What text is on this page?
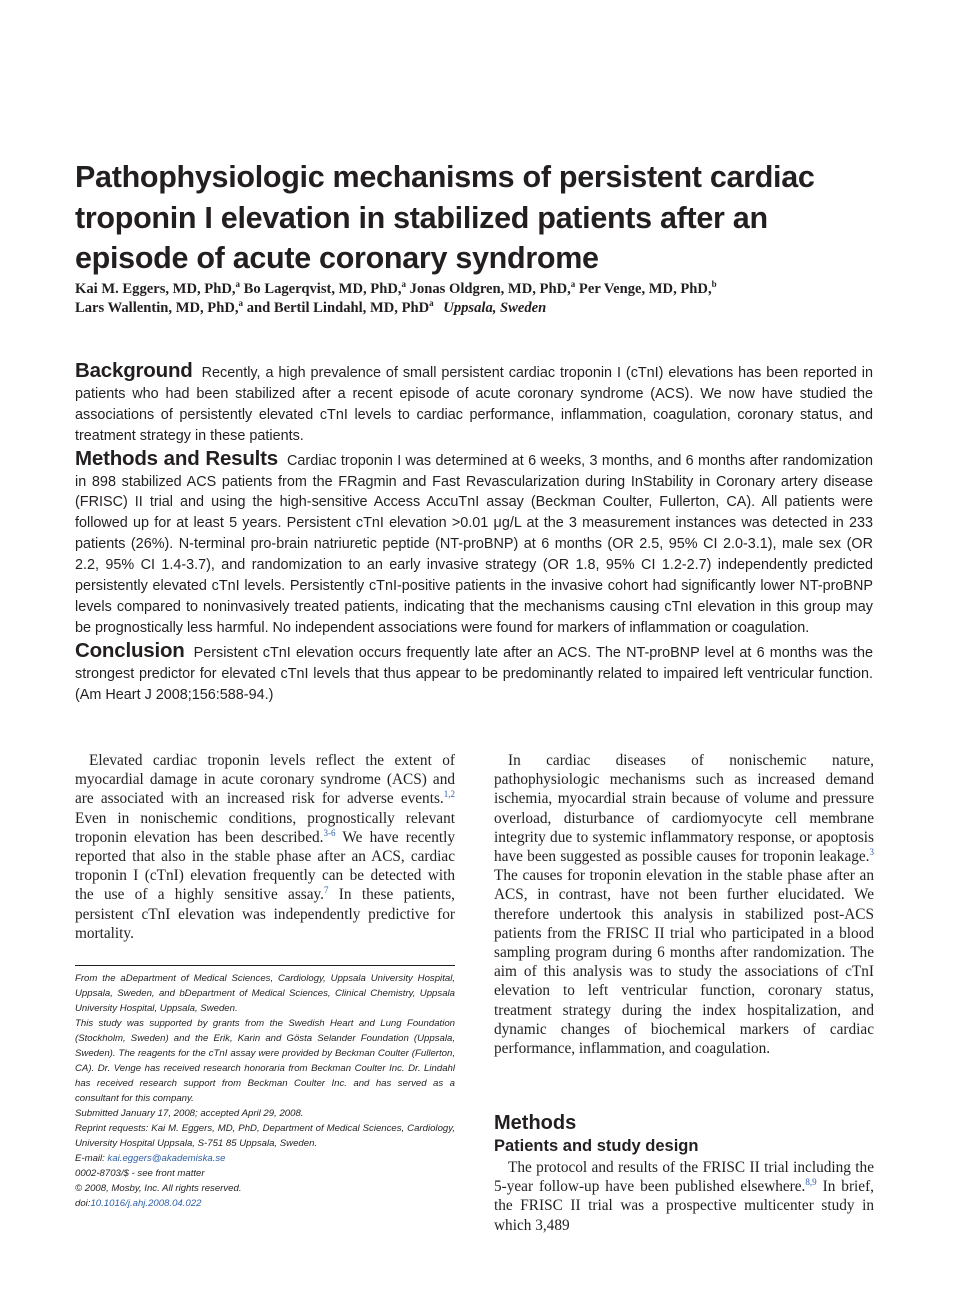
Pathophysiologic mechanisms of persistent cardiac troponin I elevation in stabilized patients after an episode of acute coronary syndrome

Kai M. Eggers, MD, PhD,$^a$ Bo Lagerqvist, MD, PhD,$^a$ Jonas Oldgren, MD, PhD,$^a$ Per Venge, MD, PhD,$^b$
Lars Wallentin, MD, PhD,$^a$ and Bertil Lindahl, MD, PhD$^a$ Uppsala, Sweden

Background Recently, a high prevalence of small persistent cardiac troponin I (cTnI) elevations has been reported in patients who had been stabilized after a recent episode of acute coronary syndrome (ACS). We now have studied the associations of persistently elevated cTnI levels to cardiac performance, inflammation, coagulation, coronary status, and treatment strategy in these patients.

Methods and Results Cardiac troponin I was determined at 6 weeks, 3 months, and 6 months after randomization in 898 stabilized ACS patients from the FRagmin and Fast Revascularization during InStability in Coronary artery disease (FRISC) II trial and using the high-sensitive Access AccuTnI assay (Beckman Coulter, Fullerton, CA). All patients were followed up for at least 5 years. Persistent cTnI elevation >0.01 μg/L at the 3 measurement instances was detected in 233 patients (26%). N-terminal pro-brain natriuretic peptide (NT-proBNP) at 6 months (OR 2.5, 95% CI 2.0-3.1), male sex (OR 2.2, 95% CI 1.4-3.7), and randomization to an early invasive strategy (OR 1.8, 95% CI 1.2-2.7) independently predicted persistently elevated cTnI levels. Persistently cTnI-positive patients in the invasive cohort had significantly lower NT-proBNP levels compared to noninvasively treated patients, indicating that the mechanisms causing cTnI elevation in this group may be prognostically less harmful. No independent associations were found for markers of inflammation or coagulation.

Conclusion Persistent cTnI elevation occurs frequently late after an ACS. The NT-proBNP level at 6 months was the strongest predictor for elevated cTnI levels that thus appear to be predominantly related to impaired left ventricular function. (Am Heart J 2008;156:588-94.)

Elevated cardiac troponin levels reflect the extent of myocardial damage in acute coronary syndrome (ACS) and are associated with an increased risk for adverse events.$^{1,2}$ Even in nonischemic conditions, prognostically relevant troponin elevation has been described.$^{3-6}$ We have recently reported that also in the stable phase after an ACS, cardiac troponin I (cTnI) elevation frequently can be detected with the use of a highly sensitive assay.$^7$ In these patients, persistent cTnI elevation was independently predictive for mortality.

From the aDepartment of Medical Sciences, Cardiology, Uppsala University Hospital, Uppsala, Sweden, and bDepartment of Medical Sciences, Clinical Chemistry, Uppsala University Hospital, Uppsala, Sweden.

This study was supported by grants from the Swedish Heart and Lung Foundation (Stockholm, Sweden) and the Erik, Karin and Gösta Selander Foundation (Uppsala, Sweden). The reagents for the cTnI assay were provided by Beckman Coulter (Fullerton, CA). Dr. Venge has received research honoraria from Beckman Coulter Inc. Dr. Lindahl has received research support from Beckman Coulter Inc. and has served as a consultant for this company.

Submitted January 17, 2008; accepted April 29, 2008.

Reprint requests: Kai M. Eggers, MD, PhD, Department of Medical Sciences, Cardiology, University Hospital Uppsala, S-751 85 Uppsala, Sweden.

E-mail: kai.eggers@akademiska.se

0002-8703/$ - see front matter

© 2008, Mosby, Inc. All rights reserved.

doi:10.1016/j.ahj.2008.04.022

In cardiac diseases of nonischemic nature, pathophysiologic mechanisms such as increased demand ischemia, myocardial strain because of volume and pressure overload, disturbance of cardiomyocyte cell membrane integrity due to systemic inflammatory response, or apoptosis have been suggested as possible causes for troponin leakage.$^3$ The causes for troponin elevation in the stable phase after an ACS, in contrast, have not been further elucidated. We therefore undertook this analysis in stabilized post-ACS patients from the FRISC II trial who participated in a blood sampling program during 6 months after randomization. The aim of this analysis was to study the associations of cTnI elevation to left ventricular function, coronary status, treatment strategy during the index hospitalization, and dynamic changes of biochemical markers of cardiac performance, inflammation, and coagulation.

Methods
Patients and study design

The protocol and results of the FRISC II trial including the 5-year follow-up have been published elsewhere.$^{8,9}$ In brief, the FRISC II trial was a prospective multicenter study in which 3,489
